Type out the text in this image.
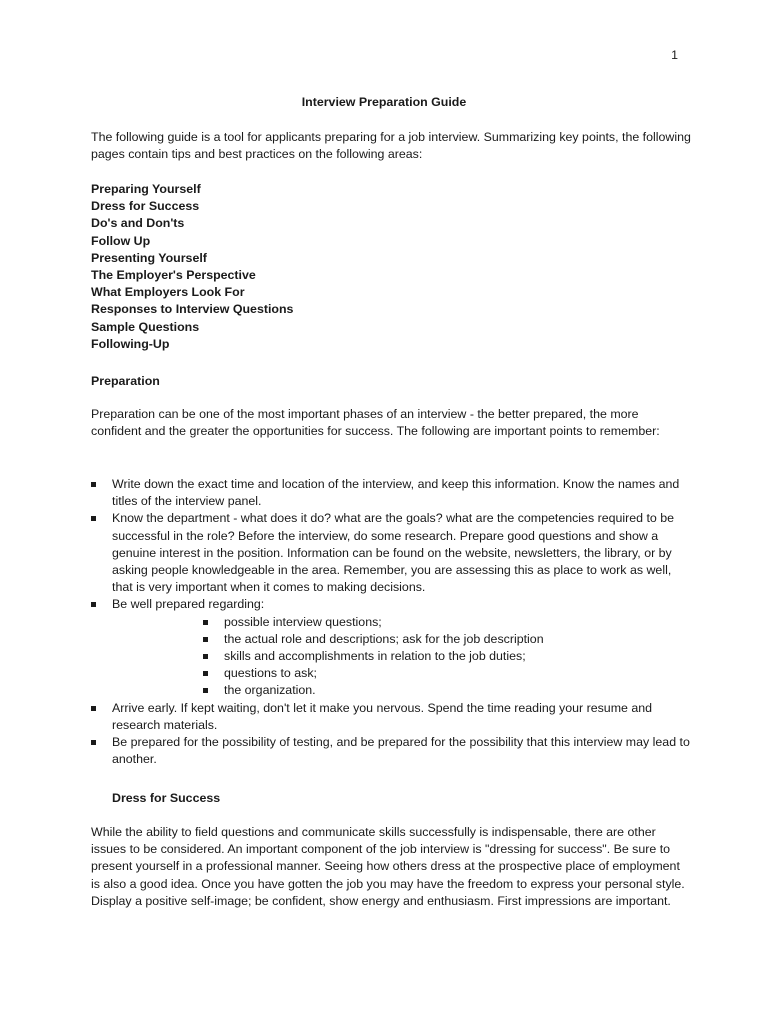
1
Interview Preparation Guide
The following guide is a tool for applicants preparing for a job interview. Summarizing key points, the following pages contain tips and best practices on the following areas:
Preparing Yourself
Dress for Success
Do's and Don'ts
Follow Up
Presenting Yourself
The Employer's Perspective
What Employers Look For
Responses to Interview Questions
Sample Questions
Following-Up
Preparation
Preparation can be one of the most important phases of an interview - the better prepared, the more confident and the greater the opportunities for success. The following are important points to remember:
Write down the exact time and location of the interview, and keep this information. Know the names and titles of the interview panel.
Know the department - what does it do? what are the goals? what are the competencies required to be successful in the role? Before the interview, do some research. Prepare good questions and show a genuine interest in the position. Information can be found on the website, newsletters, the library, or by asking people knowledgeable in the area. Remember, you are assessing this as place to work as well, that is very important when it comes to making decisions.
Be well prepared regarding:
possible interview questions;
the actual role and descriptions; ask for the job description
skills and accomplishments in relation to the job duties;
questions to ask;
the organization.
Arrive early. If kept waiting, don't let it make you nervous. Spend the time reading your resume and research materials.
Be prepared for the possibility of testing, and be prepared for the possibility that this interview may lead to another.
Dress for Success
While the ability to field questions and communicate skills successfully is indispensable, there are other issues to be considered. An important component of the job interview is "dressing for success". Be sure to present yourself in a professional manner. Seeing how others dress at the prospective place of employment is also a good idea. Once you have gotten the job you may have the freedom to express your personal style. Display a positive self-image; be confident, show energy and enthusiasm. First impressions are important.
